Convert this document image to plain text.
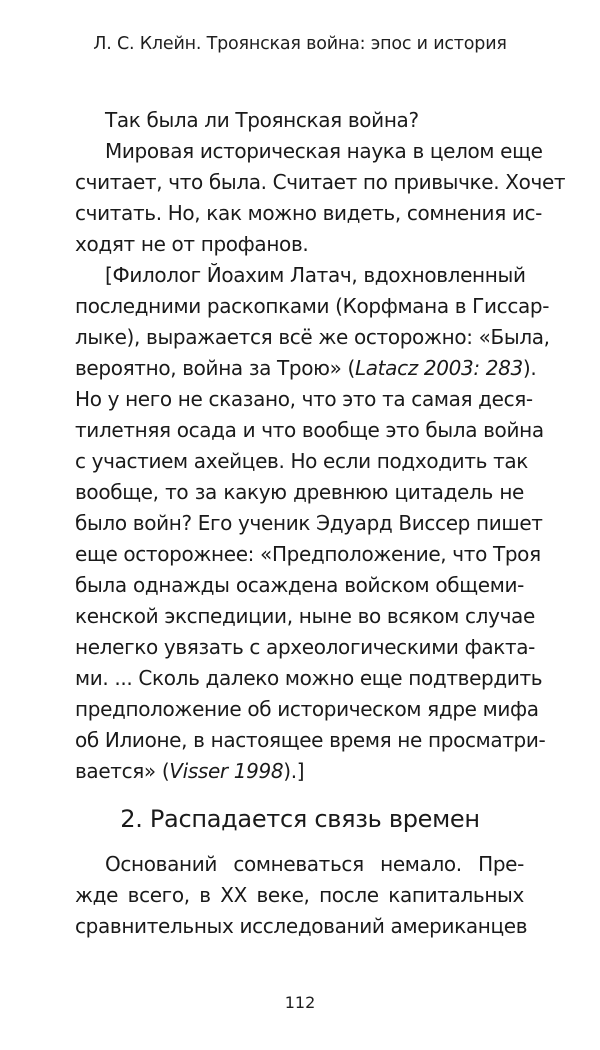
Л. С. Клейн. Троянская война: эпос и история
Так была ли Троянская война?
Мировая историческая наука в целом еще
считает, что была. Считает по привычке. Хочет
считать. Но, как можно видеть, сомнения ис-
ходят не от профанов.
[Филолог Йоахим Латач, вдохновленный
последними раскопками (Корфмана в Гиссар-
лыке), выражается всё же осторожно: «Была,
вероятно, война за Трою» (Latacz 2003: 283).
Но у него не сказано, что это та самая деся-
тилетняя осада и что вообще это была война
с участием ахейцев. Но если подходить так
вообще, то за какую древнюю цитадель не
было войн? Его ученик Эдуард Виссер пишет
еще осторожнее: «Предположение, что Троя
была однажды осаждена войском общеми-
кенской экспедиции, ныне во всяком случае
нелегко увязать с археологическими факта-
ми. ... Сколь далеко можно еще подтвердить
предположение об историческом ядре мифа
об Илионе, в настоящее время не просматри-
вается» (Visser 1998).]
2. Распадается связь времен
Оснований сомневаться немало. Пре-
жде всего, в XX веке, после капитальных
сравнительных исследований американцев
112
